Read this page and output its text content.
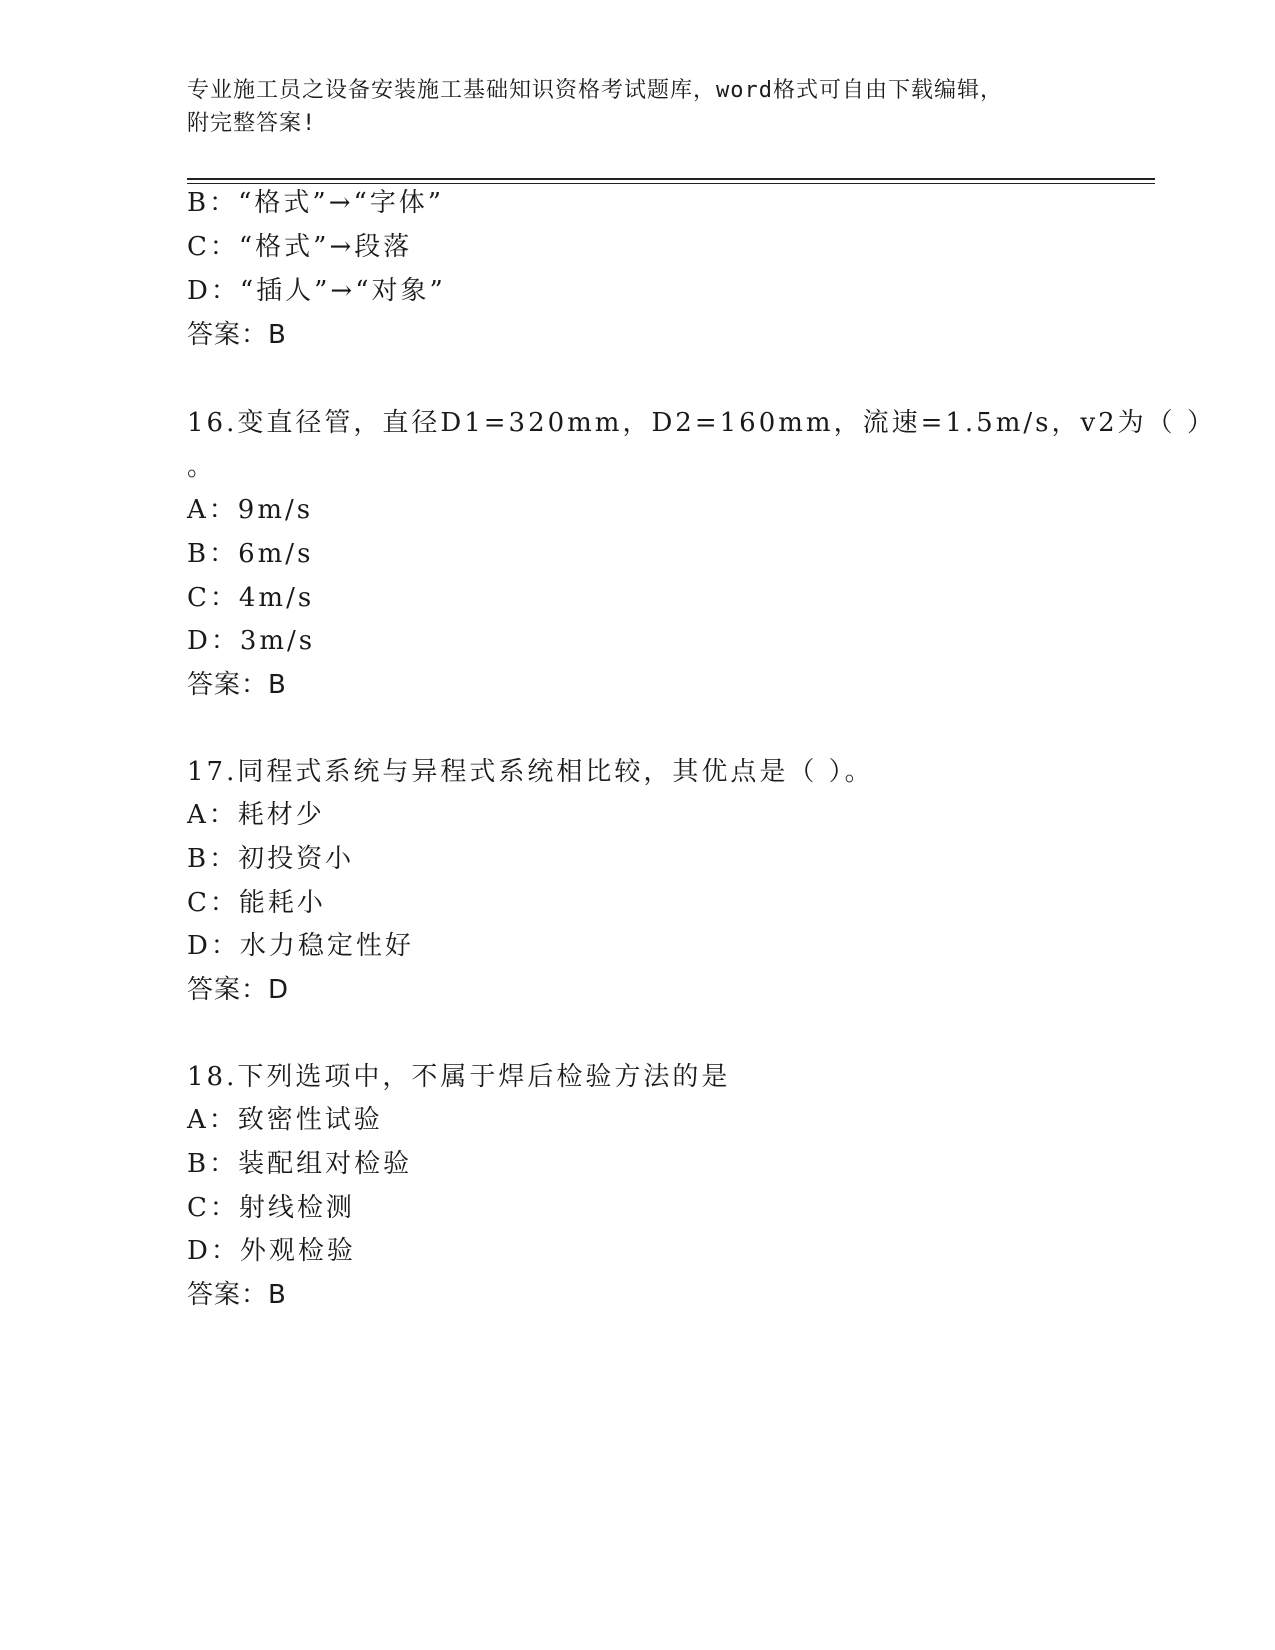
专业施工员之设备安装施工基础知识资格考试题库，word格式可自由下载编辑，
附完整答案!
B：“格式”→“字体”
C：“格式”→段落
D：“插人”→“对象”
答案：B
16.变直径管，直径D1=320mm，D2=160mm，流速=1.5m/s，v2为（ ）
。
A：9m/s
B：6m/s
C：4m/s
D：3m/s
答案：B
17.同程式系统与异程式系统相比较，其优点是（ ）。
A：耗材少
B：初投资小
C：能耗小
D：水力稳定性好
答案：D
18.下列选项中，不属于焊后检验方法的是
A：致密性试验
B：装配组对检验
C：射线检测
D：外观检验
答案：B
